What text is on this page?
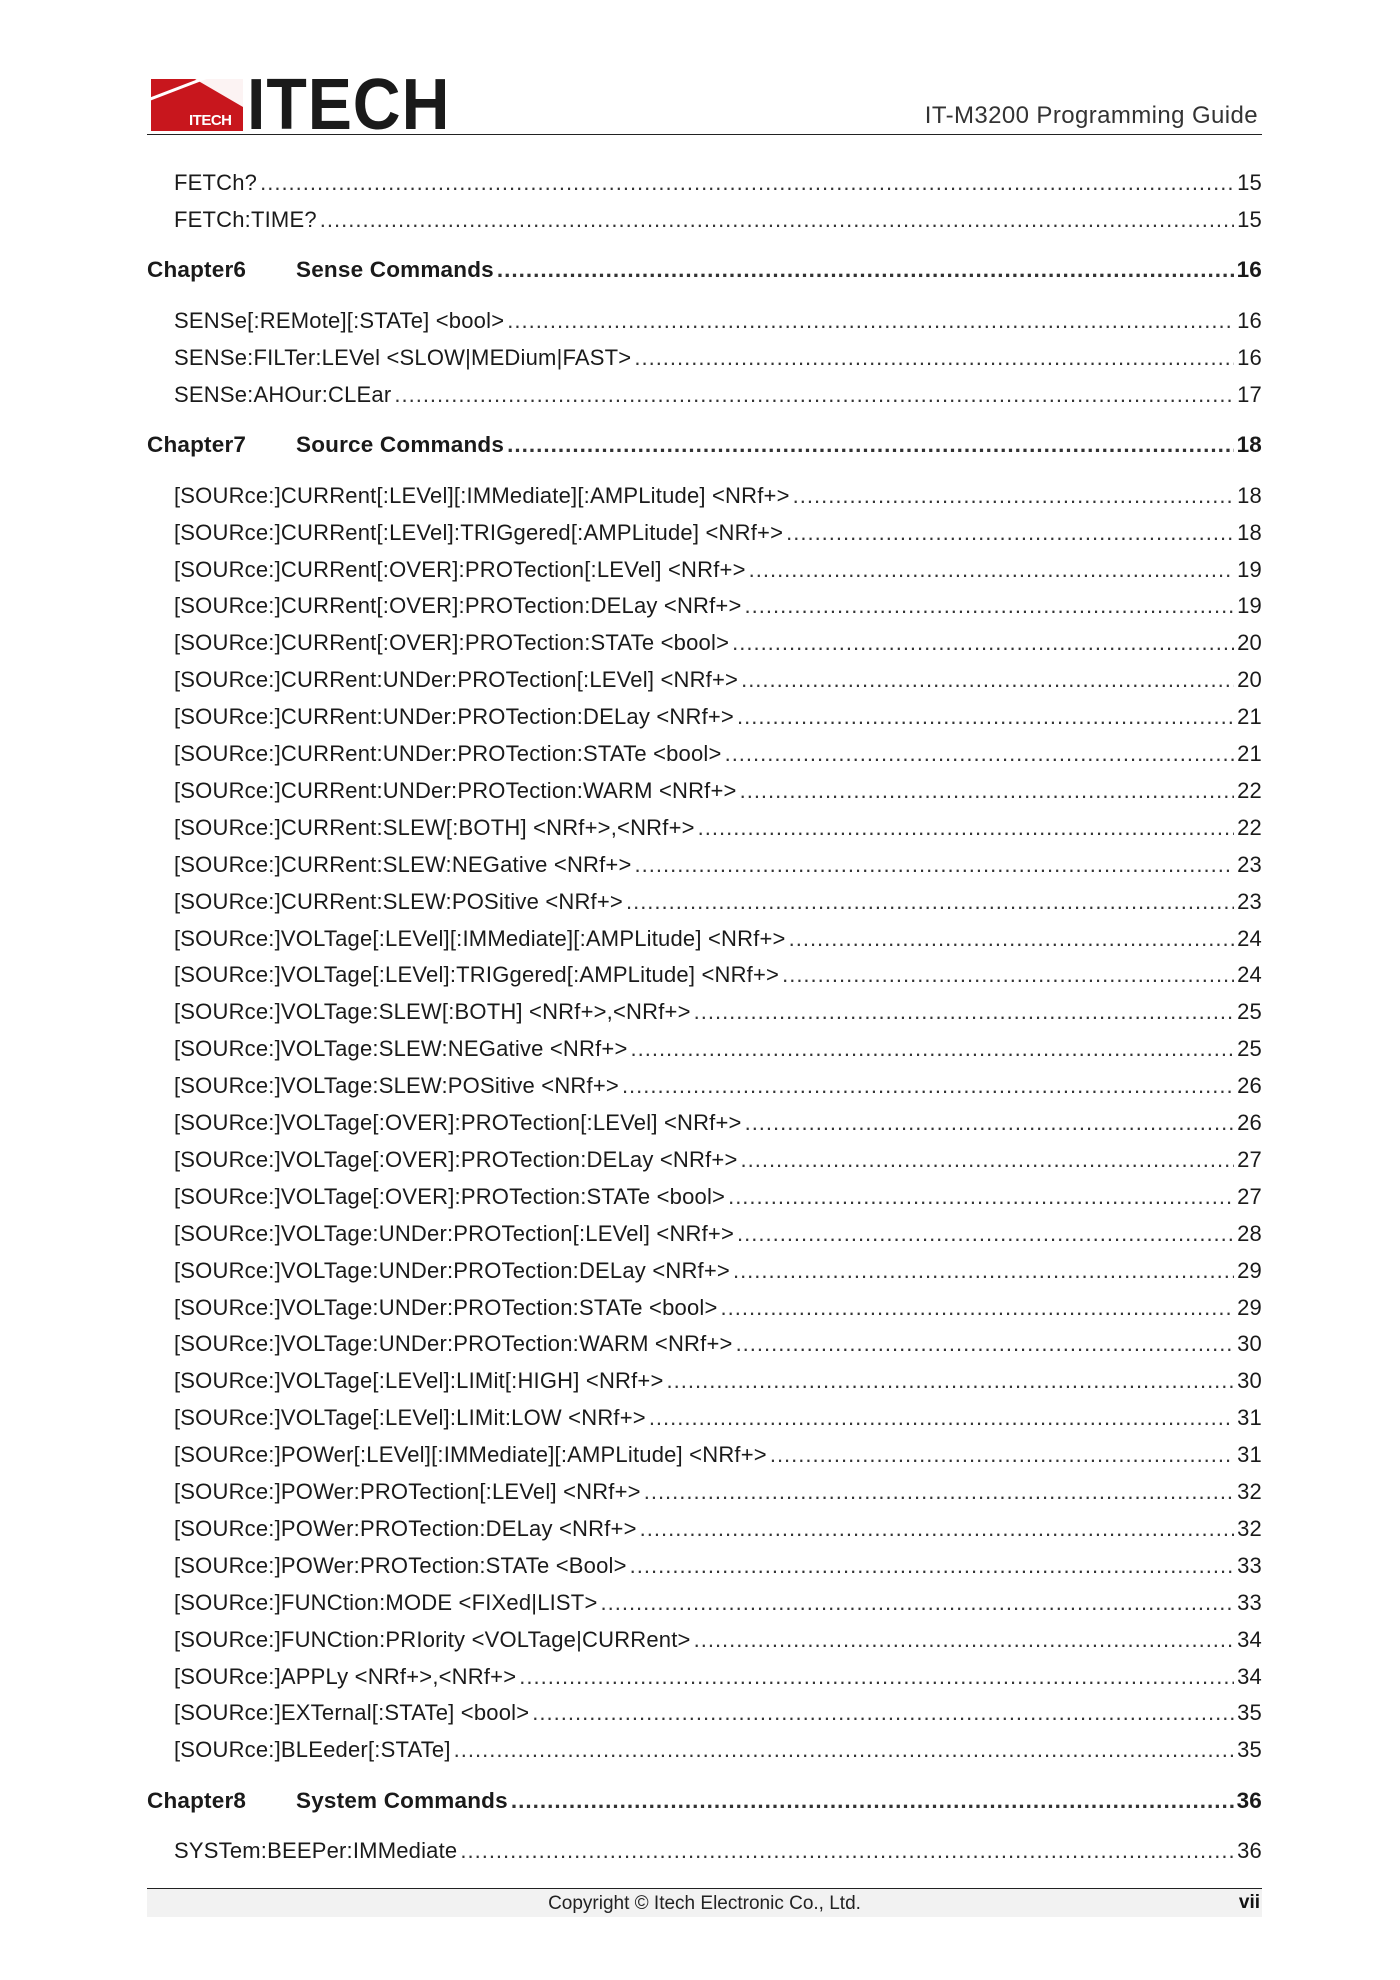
ITECH ITECH	IT-M3200 Programming Guide
FETCh? .....	15
FETCh:TIME? .....	15
Chapter6 Sense Commands .....	16
SENSe[:REMote][:STATe] <bool> .....	16
SENSe:FILTer:LEVel <SLOW|MEDium|FAST> .....	16
SENSe:AHOur:CLEar .....	17
Chapter7 Source Commands .....	18
[SOURce:]CURRent[:LEVel][:IMMediate][:AMPLitude] <NRf+> .....	18
[SOURce:]CURRent[:LEVel]:TRIGgered[:AMPLitude] <NRf+> .....	18
[SOURce:]CURRent[:OVER]:PROTection[:LEVel] <NRf+> .....	19
[SOURce:]CURRent[:OVER]:PROTection:DELay <NRf+> .....	19
[SOURce:]CURRent[:OVER]:PROTection:STATe <bool> .....	20
[SOURce:]CURRent:UNDer:PROTection[:LEVel] <NRf+> .....	20
[SOURce:]CURRent:UNDer:PROTection:DELay <NRf+> .....	21
[SOURce:]CURRent:UNDer:PROTection:STATe <bool> .....	21
[SOURce:]CURRent:UNDer:PROTection:WARM <NRf+> .....	22
[SOURce:]CURRent:SLEW[:BOTH] <NRf+>,<NRf+> .....	22
[SOURce:]CURRent:SLEW:NEGative <NRf+> .....	23
[SOURce:]CURRent:SLEW:POSitive <NRf+> .....	23
[SOURce:]VOLTage[:LEVel][:IMMediate][:AMPLitude] <NRf+> .....	24
[SOURce:]VOLTage[:LEVel]:TRIGgered[:AMPLitude] <NRf+> .....	24
[SOURce:]VOLTage:SLEW[:BOTH] <NRf+>,<NRf+> .....	25
[SOURce:]VOLTage:SLEW:NEGative <NRf+> .....	25
[SOURce:]VOLTage:SLEW:POSitive <NRf+> .....	26
[SOURce:]VOLTage[:OVER]:PROTection[:LEVel] <NRf+> .....	26
[SOURce:]VOLTage[:OVER]:PROTection:DELay <NRf+> .....	27
[SOURce:]VOLTage[:OVER]:PROTection:STATe <bool> .....	27
[SOURce:]VOLTage:UNDer:PROTection[:LEVel] <NRf+> .....	28
[SOURce:]VOLTage:UNDer:PROTection:DELay <NRf+> .....	29
[SOURce:]VOLTage:UNDer:PROTection:STATe <bool> .....	29
[SOURce:]VOLTage:UNDer:PROTection:WARM <NRf+> .....	30
[SOURce:]VOLTage[:LEVel]:LIMit[:HIGH] <NRf+> .....	30
[SOURce:]VOLTage[:LEVel]:LIMit:LOW <NRf+> .....	31
[SOURce:]POWer[:LEVel][:IMMediate][:AMPLitude] <NRf+> .....	31
[SOURce:]POWer:PROTection[:LEVel] <NRf+> .....	32
[SOURce:]POWer:PROTection:DELay <NRf+> .....	32
[SOURce:]POWer:PROTection:STATe <Bool> .....	33
[SOURce:]FUNCtion:MODE <FIXed|LIST> .....	33
[SOURce:]FUNCtion:PRIority <VOLTage|CURRent> .....	34
[SOURce:]APPLy <NRf+>,<NRf+> .....	34
[SOURce:]EXTernal[:STATe] <bool> .....	35
[SOURce:]BLEeder[:STATe] .....	35
Chapter8 System Commands .....	36
SYSTem:BEEPer:IMMediate .....	36
Copyright © Itech Electronic Co., Ltd.	vii
